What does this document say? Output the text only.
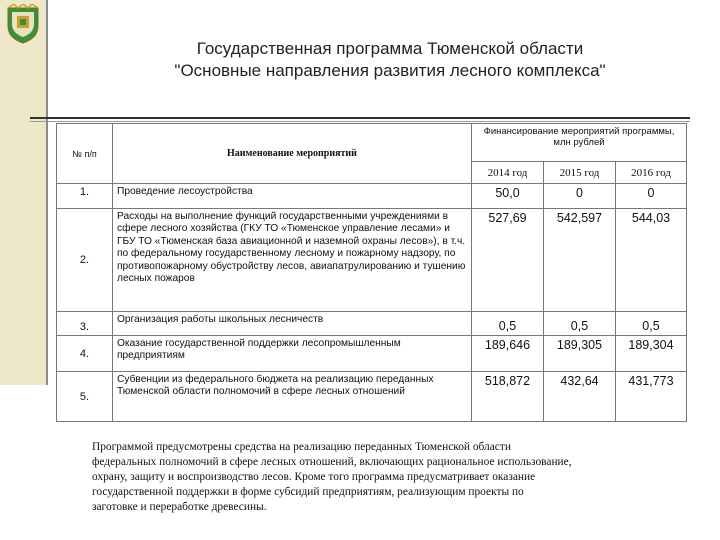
Государственная программа Тюменской области
"Основные направления развития лесного комплекса"
№ п/п	Наименование мероприятий	Финансирование мероприятий программы, млн рублей		
		2014 год	2015 год	2016 год
1.	Проведение лесоустройства	50,0	0	0
2.	Расходы на выполнение функций государственными учреждениями в сфере лесного хозяйства (ГКУ ТО «Тюменское управление лесами» и ГБУ ТО «Тюменская база авиационной и наземной охраны лесов»), в т.ч. по федеральному государственному лесному и пожарному надзору, по противопожарному обустройству лесов, авиапатрулированию и тушению лесных пожаров	527,69	542,597	544,03
3.	Организация работы школьных лесничеств	0,5	0,5	0,5
4.	Оказание государственной поддержки лесопромышленным предприятиям	189,646	189,305	189,304
5.	Субвенции из федерального бюджета на реализацию переданных Тюменской области полномочий в сфере лесных отношений	518,872	432,64	431,773
Программой предусмотрены средства на реализацию переданных Тюменской области
федеральных полномочий в сфере лесных отношений, включающих рациональное использование,
охрану, защиту и воспроизводство лесов. Кроме того программа предусматривает оказание
государственной поддержки в форме субсидий предприятиям, реализующим проекты по
заготовке и переработке древесины.
